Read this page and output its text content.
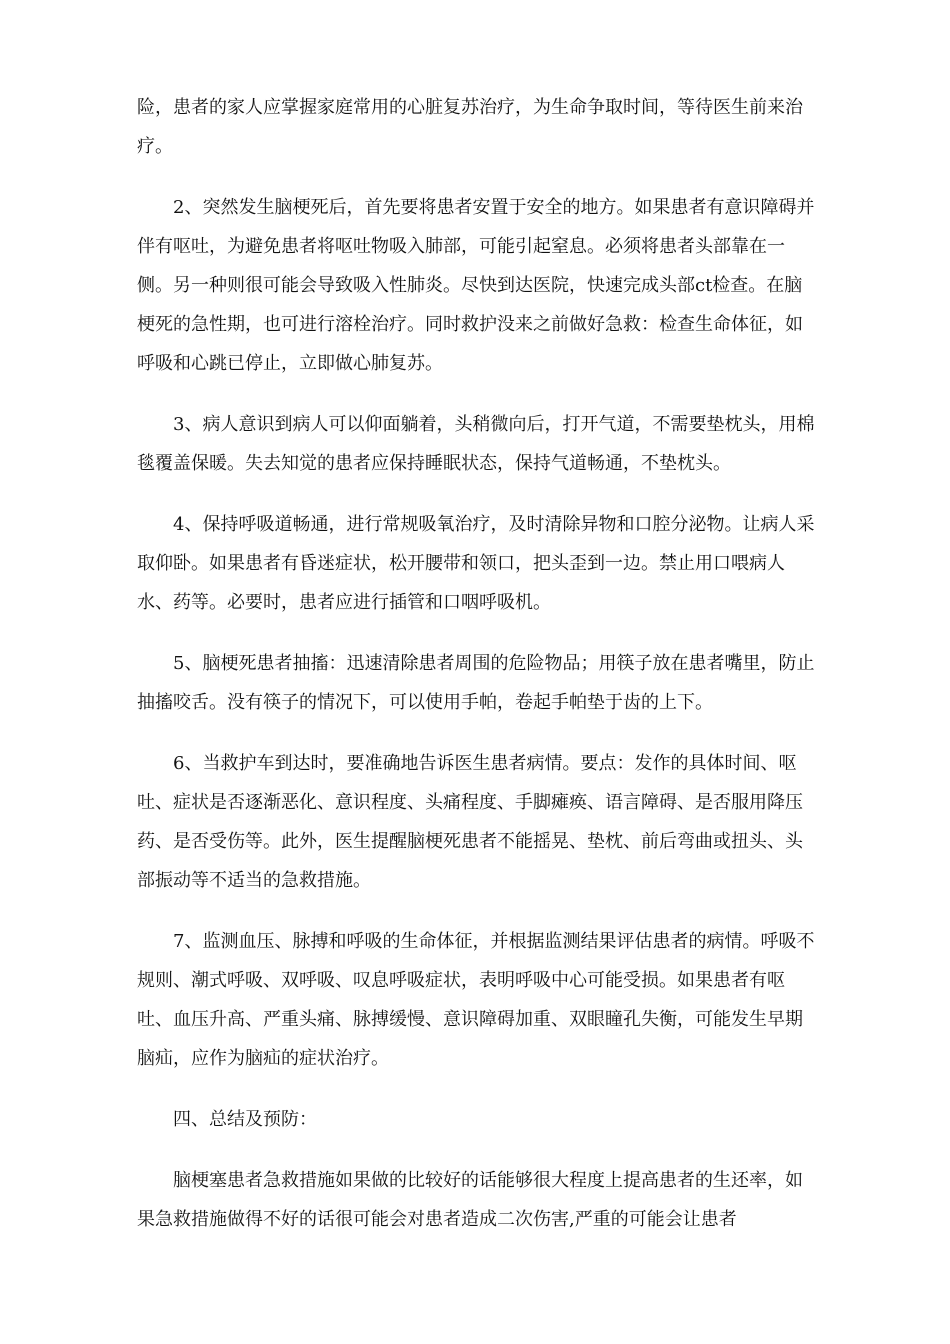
险，患者的家人应掌握家庭常用的心脏复苏治疗，为生命争取时间，等待医生前来治疗。

2、突然发生脑梗死后，首先要将患者安置于安全的地方。如果患者有意识障碍并伴有呕吐，为避免患者将呕吐物吸入肺部，可能引起窒息。必须将患者头部靠在一侧。另一种则很可能会导致吸入性肺炎。尽快到达医院，快速完成头部ct检查。在脑梗死的急性期，也可进行溶栓治疗。同时救护没来之前做好急救：检查生命体征，如呼吸和心跳已停止，立即做心肺复苏。

3、病人意识到病人可以仰面躺着，头稍微向后，打开气道，不需要垫枕头，用棉毯覆盖保暖。失去知觉的患者应保持睡眠状态，保持气道畅通，不垫枕头。

4、保持呼吸道畅通，进行常规吸氧治疗，及时清除异物和口腔分泌物。让病人采取仰卧。如果患者有昏迷症状，松开腰带和领口，把头歪到一边。禁止用口喂病人水、药等。必要时，患者应进行插管和口咽呼吸机。

5、脑梗死患者抽搐：迅速清除患者周围的危险物品；用筷子放在患者嘴里，防止抽搐咬舌。没有筷子的情况下，可以使用手帕，卷起手帕垫于齿的上下。

6、当救护车到达时，要准确地告诉医生患者病情。要点：发作的具体时间、呕吐、症状是否逐渐恶化、意识程度、头痛程度、手脚瘫痪、语言障碍、是否服用降压药、是否受伤等。此外，医生提醒脑梗死患者不能摇晃、垫枕、前后弯曲或扭头、头部振动等不适当的急救措施。

7、监测血压、脉搏和呼吸的生命体征，并根据监测结果评估患者的病情。呼吸不规则、潮式呼吸、双呼吸、叹息呼吸症状，表明呼吸中心可能受损。如果患者有呕吐、血压升高、严重头痛、脉搏缓慢、意识障碍加重、双眼瞳孔失衡，可能发生早期脑疝，应作为脑疝的症状治疗。

四、总结及预防：

脑梗塞患者急救措施如果做的比较好的话能够很大程度上提高患者的生还率，如果急救措施做得不好的话很可能会对患者造成二次伤害,严重的可能会让患者
